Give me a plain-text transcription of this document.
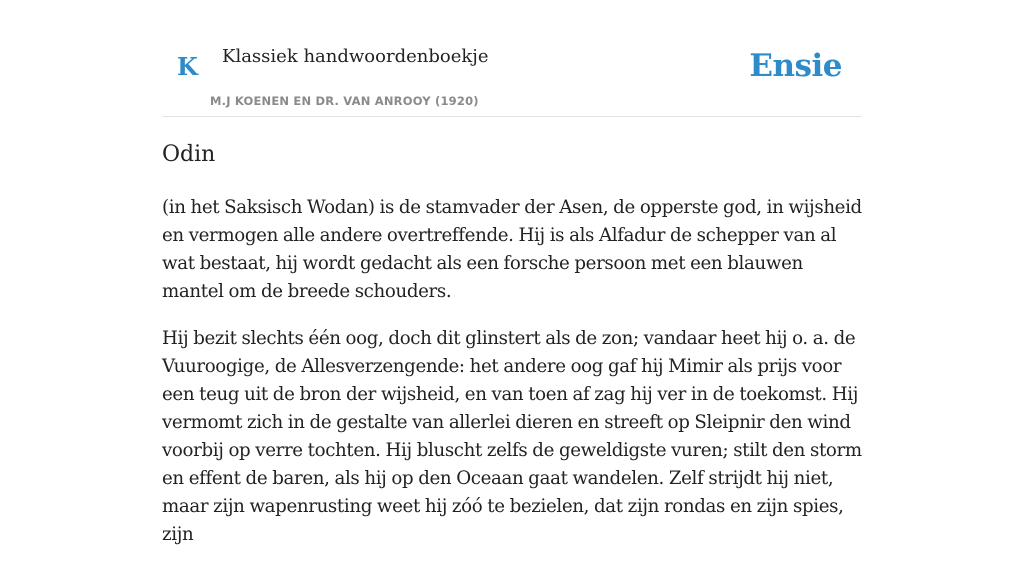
K Klassiek handwoordenboekje
M.J KOENEN EN DR. VAN ANROOY (1920)
Ensie
Odin

(in het Saksisch Wodan) is de stamvader der Asen, de opperste god, in wijsheid en vermogen alle andere overtreffende. Hij is als Alfadur de schepper van al wat bestaat, hij wordt gedacht als een forsche persoon met een blauwen mantel om de breede schouders.

Hij bezit slechts één oog, doch dit glinstert als de zon; vandaar heet hij o. a. de Vuuroogige, de Allesverzengende: het andere oog gaf hij Mimir als prijs voor een teug uit de bron der wijsheid, en van toen af zag hij ver in de toekomst. Hij vermomt zich in de gestalte van allerlei dieren en streeft op Sleipnir den wind voorbij op verre tochten. Hij bluscht zelfs de geweldigste vuren; stilt den storm en effent de baren, als hij op den Oceaan gaat wandelen. Zelf strijdt hij niet, maar zijn wapenrusting weet hij zóó te bezielen, dat zijn rondas en zijn spies, zijn
